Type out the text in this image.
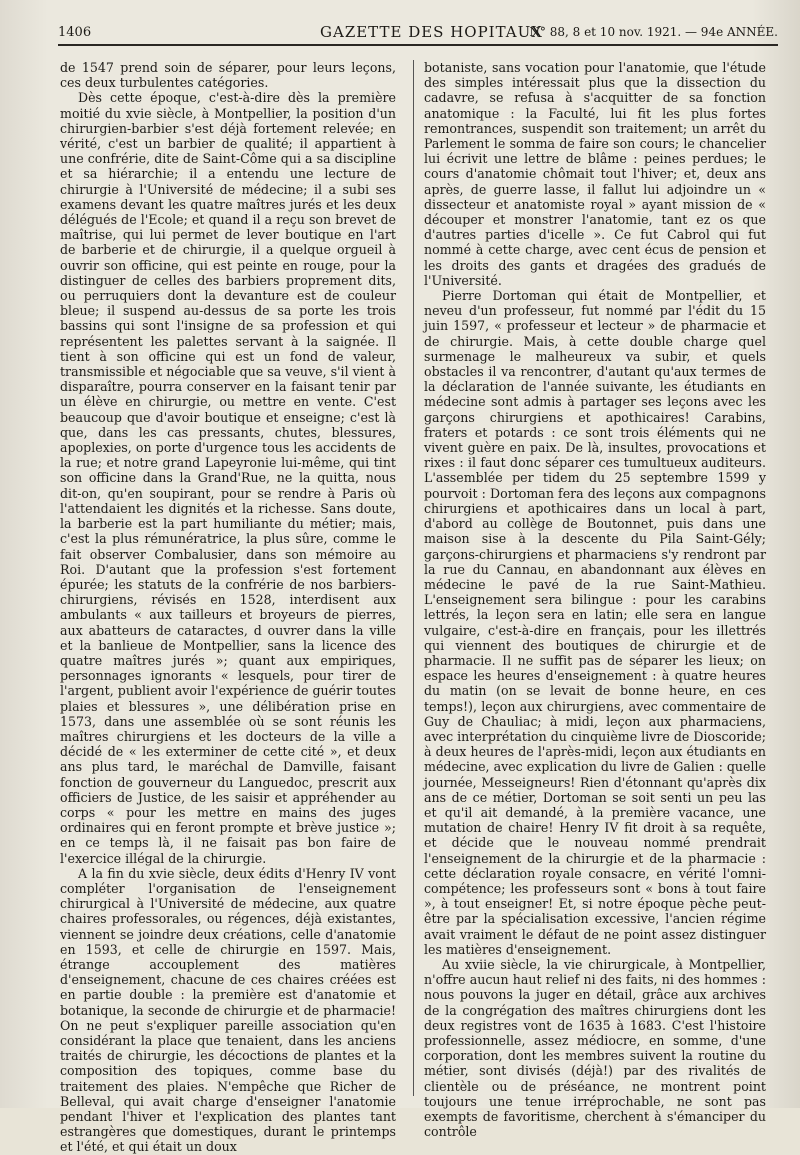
1406	GAZETTE DES HOPITAUX
N° 88, 8 et 10 nov. 1921. — 94e ANNÉE.

de 1547 prend soin de séparer, pour leurs leçons, ces deux turbulentes catégories.

Dès cette époque, c'est-à-dire dès la première moitié du xvie siècle, à Montpellier, la position d'un chirurgien-barbier s'est déjà fortement relevée; en vérité, c'est un barbier de qualité; il appartient à une confrérie, dite de Saint-Côme qui a sa discipline et sa hiérarchie; il a entendu une lecture de chirurgie à l'Université de médecine; il a subi ses examens devant les quatre maîtres jurés et les deux délégués de l'Ecole; et quand il a reçu son brevet de maîtrise, qui lui permet de lever boutique en l'art de barberie et de chirurgie, il a quelque orgueil à ouvrir son officine, qui est peinte en rouge, pour la distinguer de celles des barbiers proprement dits, ou perruquiers dont la devanture est de couleur bleue; il suspend au-dessus de sa porte les trois bassins qui sont l'insigne de sa profession et qui représentent les palettes servant à la saignée. Il tient à son officine qui est un fond de valeur, transmissible et négociable que sa veuve, s'il vient à disparaître, pourra conserver en la faisant tenir par un élève en chirurgie, ou mettre en vente. C'est beaucoup que d'avoir boutique et enseigne; c'est là que, dans les cas pressants, chutes, blessures, apoplexies, on porte d'urgence tous les accidents de la rue; et notre grand Lapeyronie lui-même, qui tint son officine dans la Grand'Rue, ne la quitta, nous dit-on, qu'en soupirant, pour se rendre à Paris où l'attendaient les dignités et la richesse. Sans doute, la barberie est la part humiliante du métier; mais, c'est la plus rémunératrice, la plus sûre, comme le fait observer Combalusier, dans son mémoire au Roi. D'autant que la profession s'est fortement épurée; les statuts de la confrérie de nos barbiers-chirurgiens, révisés en 1528, interdisent aux ambulants « aux tailleurs et broyeurs de pierres, aux abatteurs de cataractes, d ouvrer dans la ville et la banlieue de Montpellier, sans la licence des quatre maîtres jurés »; quant aux empiriques, personnages ignorants « lesquels, pour tirer de l'argent, publient avoir l'expérience de guérir toutes plaies et blessures », une délibération prise en 1573, dans une assemblée où se sont réunis les maîtres chirurgiens et les docteurs de la ville a décidé de « les exterminer de cette cité », et deux ans plus tard, le maréchal de Damville, faisant fonction de gouverneur du Languedoc, prescrit aux officiers de Justice, de les saisir et appréhender au corps « pour les mettre en mains des juges ordinaires qui en feront prompte et brève justice »; en ce temps là, il ne faisait pas bon faire de l'exercice illégal de la chirurgie.

A la fin du xvie siècle, deux édits d'Henry IV vont compléter l'organisation de l'enseignement chirurgical à l'Université de médecine, aux quatre chaires professorales, ou régences, déjà existantes, viennent se joindre deux créations, celle d'anatomie en 1593, et celle de chirurgie en 1597. Mais, étrange accouplement des matières d'enseignement, chacune de ces chaires créées est en partie double : la première est d'anatomie et botanique, la seconde de chirurgie et de pharmacie! On ne peut s'expliquer pareille association qu'en considérant la place que tenaient, dans les anciens traités de chirurgie, les décoctions de plantes et la composition des topiques, comme base du traitement des plaies. N'empêche que Richer de Belleval, qui avait charge d'enseigner l'anatomie pendant l'hiver et l'explication des plantes tant estrangères que domestiques, durant le printemps et l'été, et qui était un doux

botaniste, sans vocation pour l'anatomie, que l'étude des simples intéressait plus que la dissection du cadavre, se refusa à s'acquitter de sa fonction anatomique : la Faculté, lui fit les plus fortes remontrances, suspendit son traitement; un arrêt du Parlement le somma de faire son cours; le chancelier lui écrivit une lettre de blâme : peines perdues; le cours d'anatomie chômait tout l'hiver; et, deux ans après, de guerre lasse, il fallut lui adjoindre un « dissecteur et anatomiste royal » ayant mission de « découper et monstrer l'anatomie, tant ez os que d'autres parties d'icelle ». Ce fut Cabrol qui fut nommé à cette charge, avec cent écus de pension et les droits des gants et dragées des gradués de l'Université.

Pierre Dortoman qui était de Montpellier, et neveu d'un professeur, fut nommé par l'édit du 15 juin 1597, « professeur et lecteur » de pharmacie et de chirurgie. Mais, à cette double charge quel surmenage le malheureux va subir, et quels obstacles il va rencontrer, d'autant qu'aux termes de la déclaration de l'année suivante, les étudiants en médecine sont admis à partager ses leçons avec les garçons chirurgiens et apothicaires! Carabins, fraters et potards : ce sont trois éléments qui ne vivent guère en paix. De là, insultes, provocations et rixes : il faut donc séparer ces tumultueux auditeurs. L'assemblée per tidem du 25 septembre 1599 y pourvoit : Dortoman fera des leçons aux compagnons chirurgiens et apothicaires dans un local à part, d'abord au collège de Boutonnet, puis dans une maison sise à la descente du Pila Saint-Gély; garçons-chirurgiens et pharmaciens s'y rendront par la rue du Cannau, en abandonnant aux élèves en médecine le pavé de la rue Saint-Mathieu. L'enseignement sera bilingue : pour les carabins lettrés, la leçon sera en latin; elle sera en langue vulgaire, c'est-à-dire en français, pour les illettrés qui viennent des boutiques de chirurgie et de pharmacie. Il ne suffit pas de séparer les lieux; on espace les heures d'enseignement : à quatre heures du matin (on se levait de bonne heure, en ces temps!), leçon aux chirurgiens, avec commentaire de Guy de Chauliac; à midi, leçon aux pharmaciens, avec interprétation du cinquième livre de Dioscoride; à deux heures de l'après-midi, leçon aux étudiants en médecine, avec explication du livre de Galien : quelle journée, Messeigneurs! Rien d'étonnant qu'après dix ans de ce métier, Dortoman se soit senti un peu las et qu'il ait demandé, à la première vacance, une mutation de chaire! Henry IV fit droit à sa requête, et décide que le nouveau nommé prendrait l'enseignement de la chirurgie et de la pharmacie : cette déclaration royale consacre, en vérité l'omni-compétence; les professeurs sont « bons à tout faire », à tout enseigner! Et, si notre époque pèche peut-être par la spécialisation excessive, l'ancien régime avait vraiment le défaut de ne point assez distinguer les matières d'enseignement.

Au xviie siècle, la vie chirurgicale, à Montpellier, n'offre aucun haut relief ni des faits, ni des hommes : nous pouvons la juger en détail, grâce aux archives de la congrégation des maîtres chirurgiens dont les deux registres vont de 1635 à 1683. C'est l'histoire professionnelle, assez médiocre, en somme, d'une corporation, dont les membres suivent la routine du métier, sont divisés (déjà!) par des rivalités de clientèle ou de préséance, ne montrent point toujours une tenue irréprochable, ne sont pas exempts de favoritisme, cherchent à s'émanciper du contrôle
